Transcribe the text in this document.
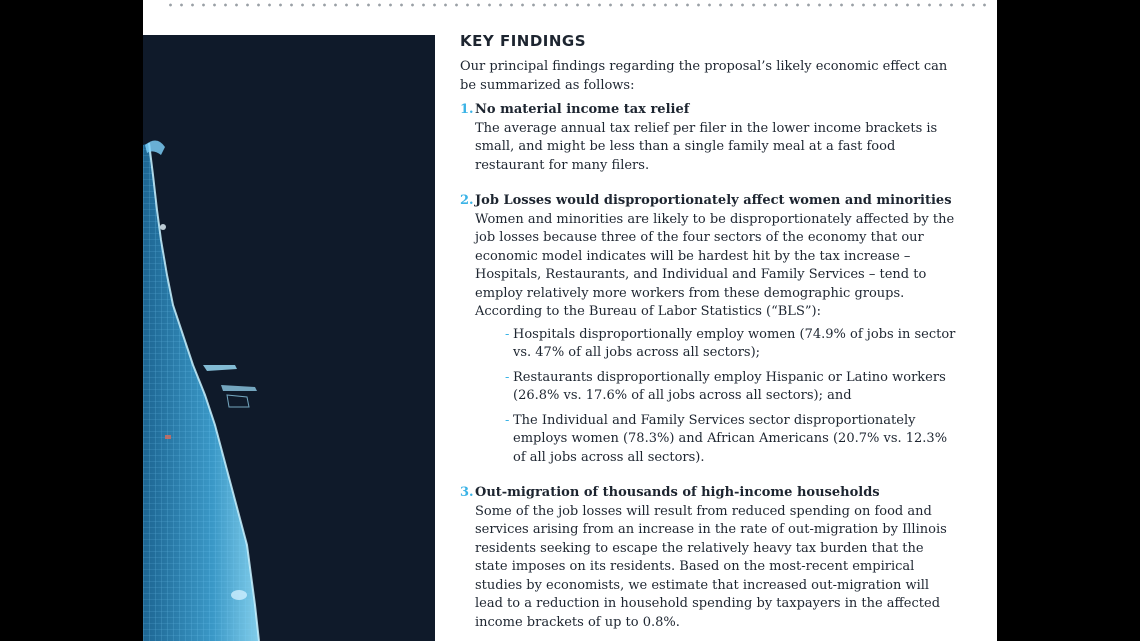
KEY FINDINGS

Our principal findings regarding the proposal’s likely economic effect can be summarized as follows:

1.No material income tax relief
The average annual tax relief per filer in the lower income brackets is small, and might be less than a single family meal at a fast food restaurant for many filers.
2.Job Losses would disproportionately affect women and minorities
Women and minorities are likely to be disproportionately affected by the job losses because three of the four sectors of the economy that our economic model indicates will be hardest hit by the tax increase – Hospitals, Restaurants, and Individual and Family Services – tend to employ relatively more workers from these demographic groups. According to the Bureau of Labor Statistics (“BLS”):
- Hospitals disproportionally employ women (74.9% of jobs in sector vs. 47% of all jobs across all sectors);
- Restaurants disproportionally employ Hispanic or Latino workers (26.8% vs. 17.6% of all jobs across all sectors); and
- The Individual and Family Services sector disproportionately employs women (78.3%) and African Americans (20.7% vs. 12.3% of all jobs across all sectors).
3.Out-migration of thousands of high-income households
Some of the job losses will result from reduced spending on food and services arising from an increase in the rate of out-migration by Illinois residents seeking to escape the relatively heavy tax burden that the state imposes on its residents. Based on the most-recent empirical studies by economists, we estimate that increased out-migration will lead to a reduction in household spending by taxpayers in the affected income brackets of up to 0.8%.
